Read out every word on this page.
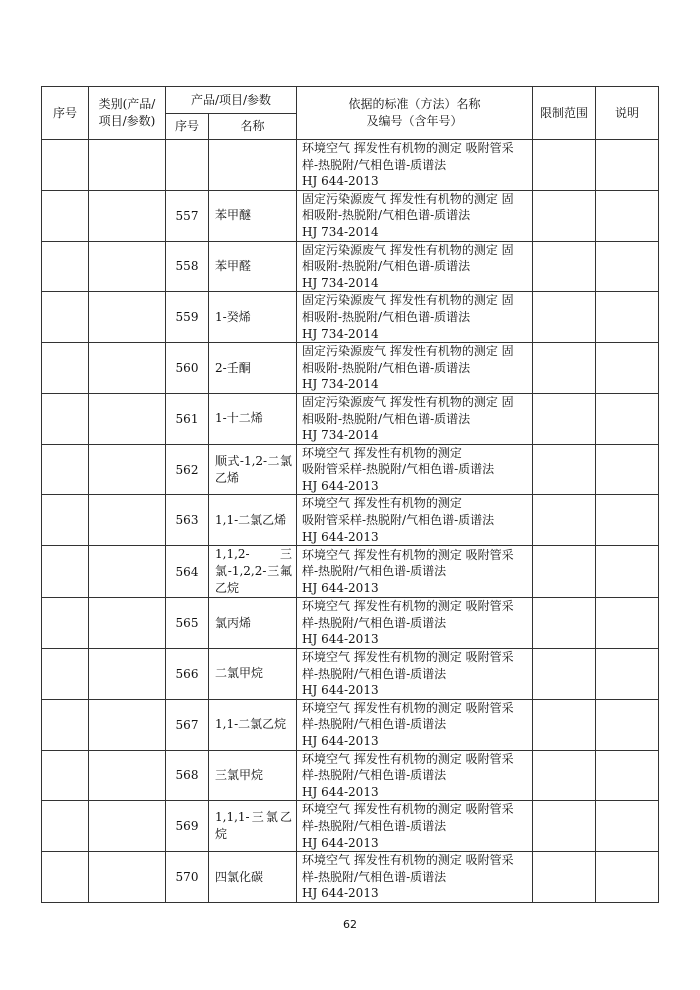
序号	类别(产品/项目/参数)	产品/项目/参数		依据的标准（方法）名称
及编号（含年号）	限制范围	说明
		序号	名称			

				环境空气 挥发性有机物的测定 吸附管采
样-热脱附/气相色谱-质谱法
HJ 644-2013		

		557	苯甲醚	固定污染源废气 挥发性有机物的测定 固
相吸附-热脱附/气相色谱-质谱法
HJ 734-2014		

		558	苯甲醛	固定污染源废气 挥发性有机物的测定 固
相吸附-热脱附/气相色谱-质谱法
HJ 734-2014		

		559	1-癸烯	固定污染源废气 挥发性有机物的测定 固
相吸附-热脱附/气相色谱-质谱法
HJ 734-2014		

		560	2-壬酮	固定污染源废气 挥发性有机物的测定 固
相吸附-热脱附/气相色谱-质谱法
HJ 734-2014		

		561	1-十二烯	固定污染源废气 挥发性有机物的测定 固
相吸附-热脱附/气相色谱-质谱法
HJ 734-2014		

		562	顺式-1,2-二氯乙烯	环境空气 挥发性有机物的测定
吸附管采样-热脱附/气相色谱-质谱法
HJ 644-2013		

		563	1,1-二氯乙烯	环境空气 挥发性有机物的测定
吸附管采样-热脱附/气相色谱-质谱法
HJ 644-2013		

		564	1,1,2-三氯-1,2,2-三氟乙烷	环境空气 挥发性有机物的测定 吸附管采
样-热脱附/气相色谱-质谱法
HJ 644-2013		

		565	氯丙烯	环境空气 挥发性有机物的测定 吸附管采
样-热脱附/气相色谱-质谱法
HJ 644-2013		

		566	二氯甲烷	环境空气 挥发性有机物的测定 吸附管采
样-热脱附/气相色谱-质谱法
HJ 644-2013		

		567	1,1-二氯乙烷	环境空气 挥发性有机物的测定 吸附管采
样-热脱附/气相色谱-质谱法
HJ 644-2013		

		568	三氯甲烷	环境空气 挥发性有机物的测定 吸附管采
样-热脱附/气相色谱-质谱法
HJ 644-2013		

		569	1,1,1-三氯乙烷	环境空气 挥发性有机物的测定 吸附管采
样-热脱附/气相色谱-质谱法
HJ 644-2013		

		570	四氯化碳	环境空气 挥发性有机物的测定 吸附管采
样-热脱附/气相色谱-质谱法
HJ 644-2013		

62
